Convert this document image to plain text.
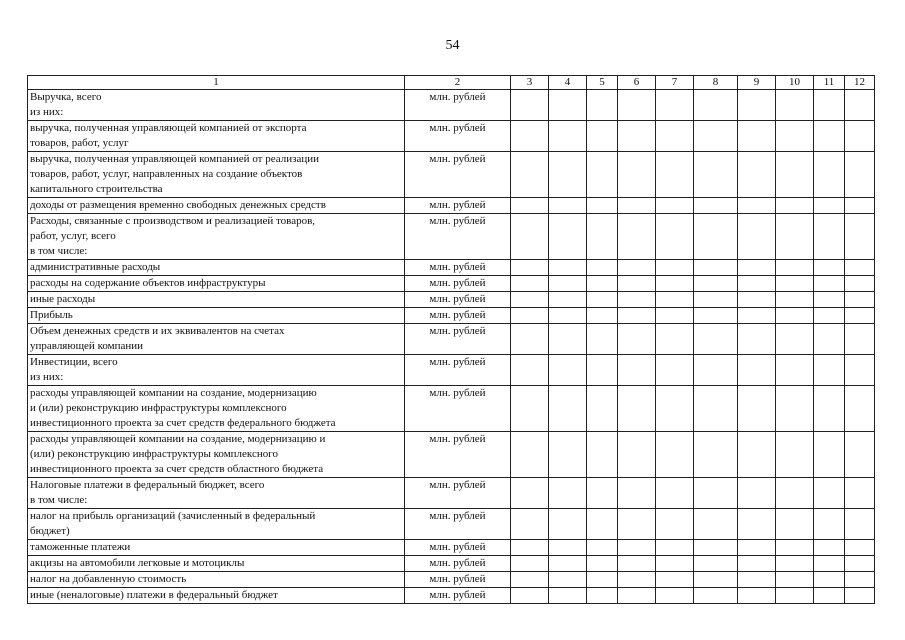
54
1	2	3	4	5	6	7	8	9	10	11	12

Выручка, всего
из них:	млн. рублей										

выручка, полученная управляющей компанией от экспорта
товаров, работ, услуг	млн. рублей										

выручка, полученная управляющей компанией от реализации
товаров, работ, услуг, направленных на создание объектов
капитального строительства	млн. рублей										

доходы от размещения временно свободных денежных средств	млн. рублей										

Расходы, связанные с производством и реализацией товаров,
работ, услуг, всего
в том числе:	млн. рублей										

административные расходы	млн. рублей										

расходы на содержание объектов инфраструктуры	млн. рублей										

иные расходы	млн. рублей										

Прибыль	млн. рублей										

Объем денежных средств и их эквивалентов на счетах
управляющей компании	млн. рублей										

Инвестиции, всего
из них:	млн. рублей										

расходы управляющей компании на создание, модернизацию
и (или) реконструкцию инфраструктуры комплексного
инвестиционного проекта за счет средств федерального бюджета	млн. рублей										

расходы управляющей компании на создание, модернизацию и
(или) реконструкцию инфраструктуры комплексного
инвестиционного проекта за счет средств областного бюджета	млн. рублей										

Налоговые платежи в федеральный бюджет, всего
в том числе:	млн. рублей										

налог на прибыль организаций (зачисленный в федеральный
бюджет)	млн. рублей										

таможенные платежи	млн. рублей										

акцизы на автомобили легковые и мотоциклы	млн. рублей										

налог на добавленную стоимость	млн. рублей										

иные (неналоговые) платежи в федеральный бюджет	млн. рублей										
